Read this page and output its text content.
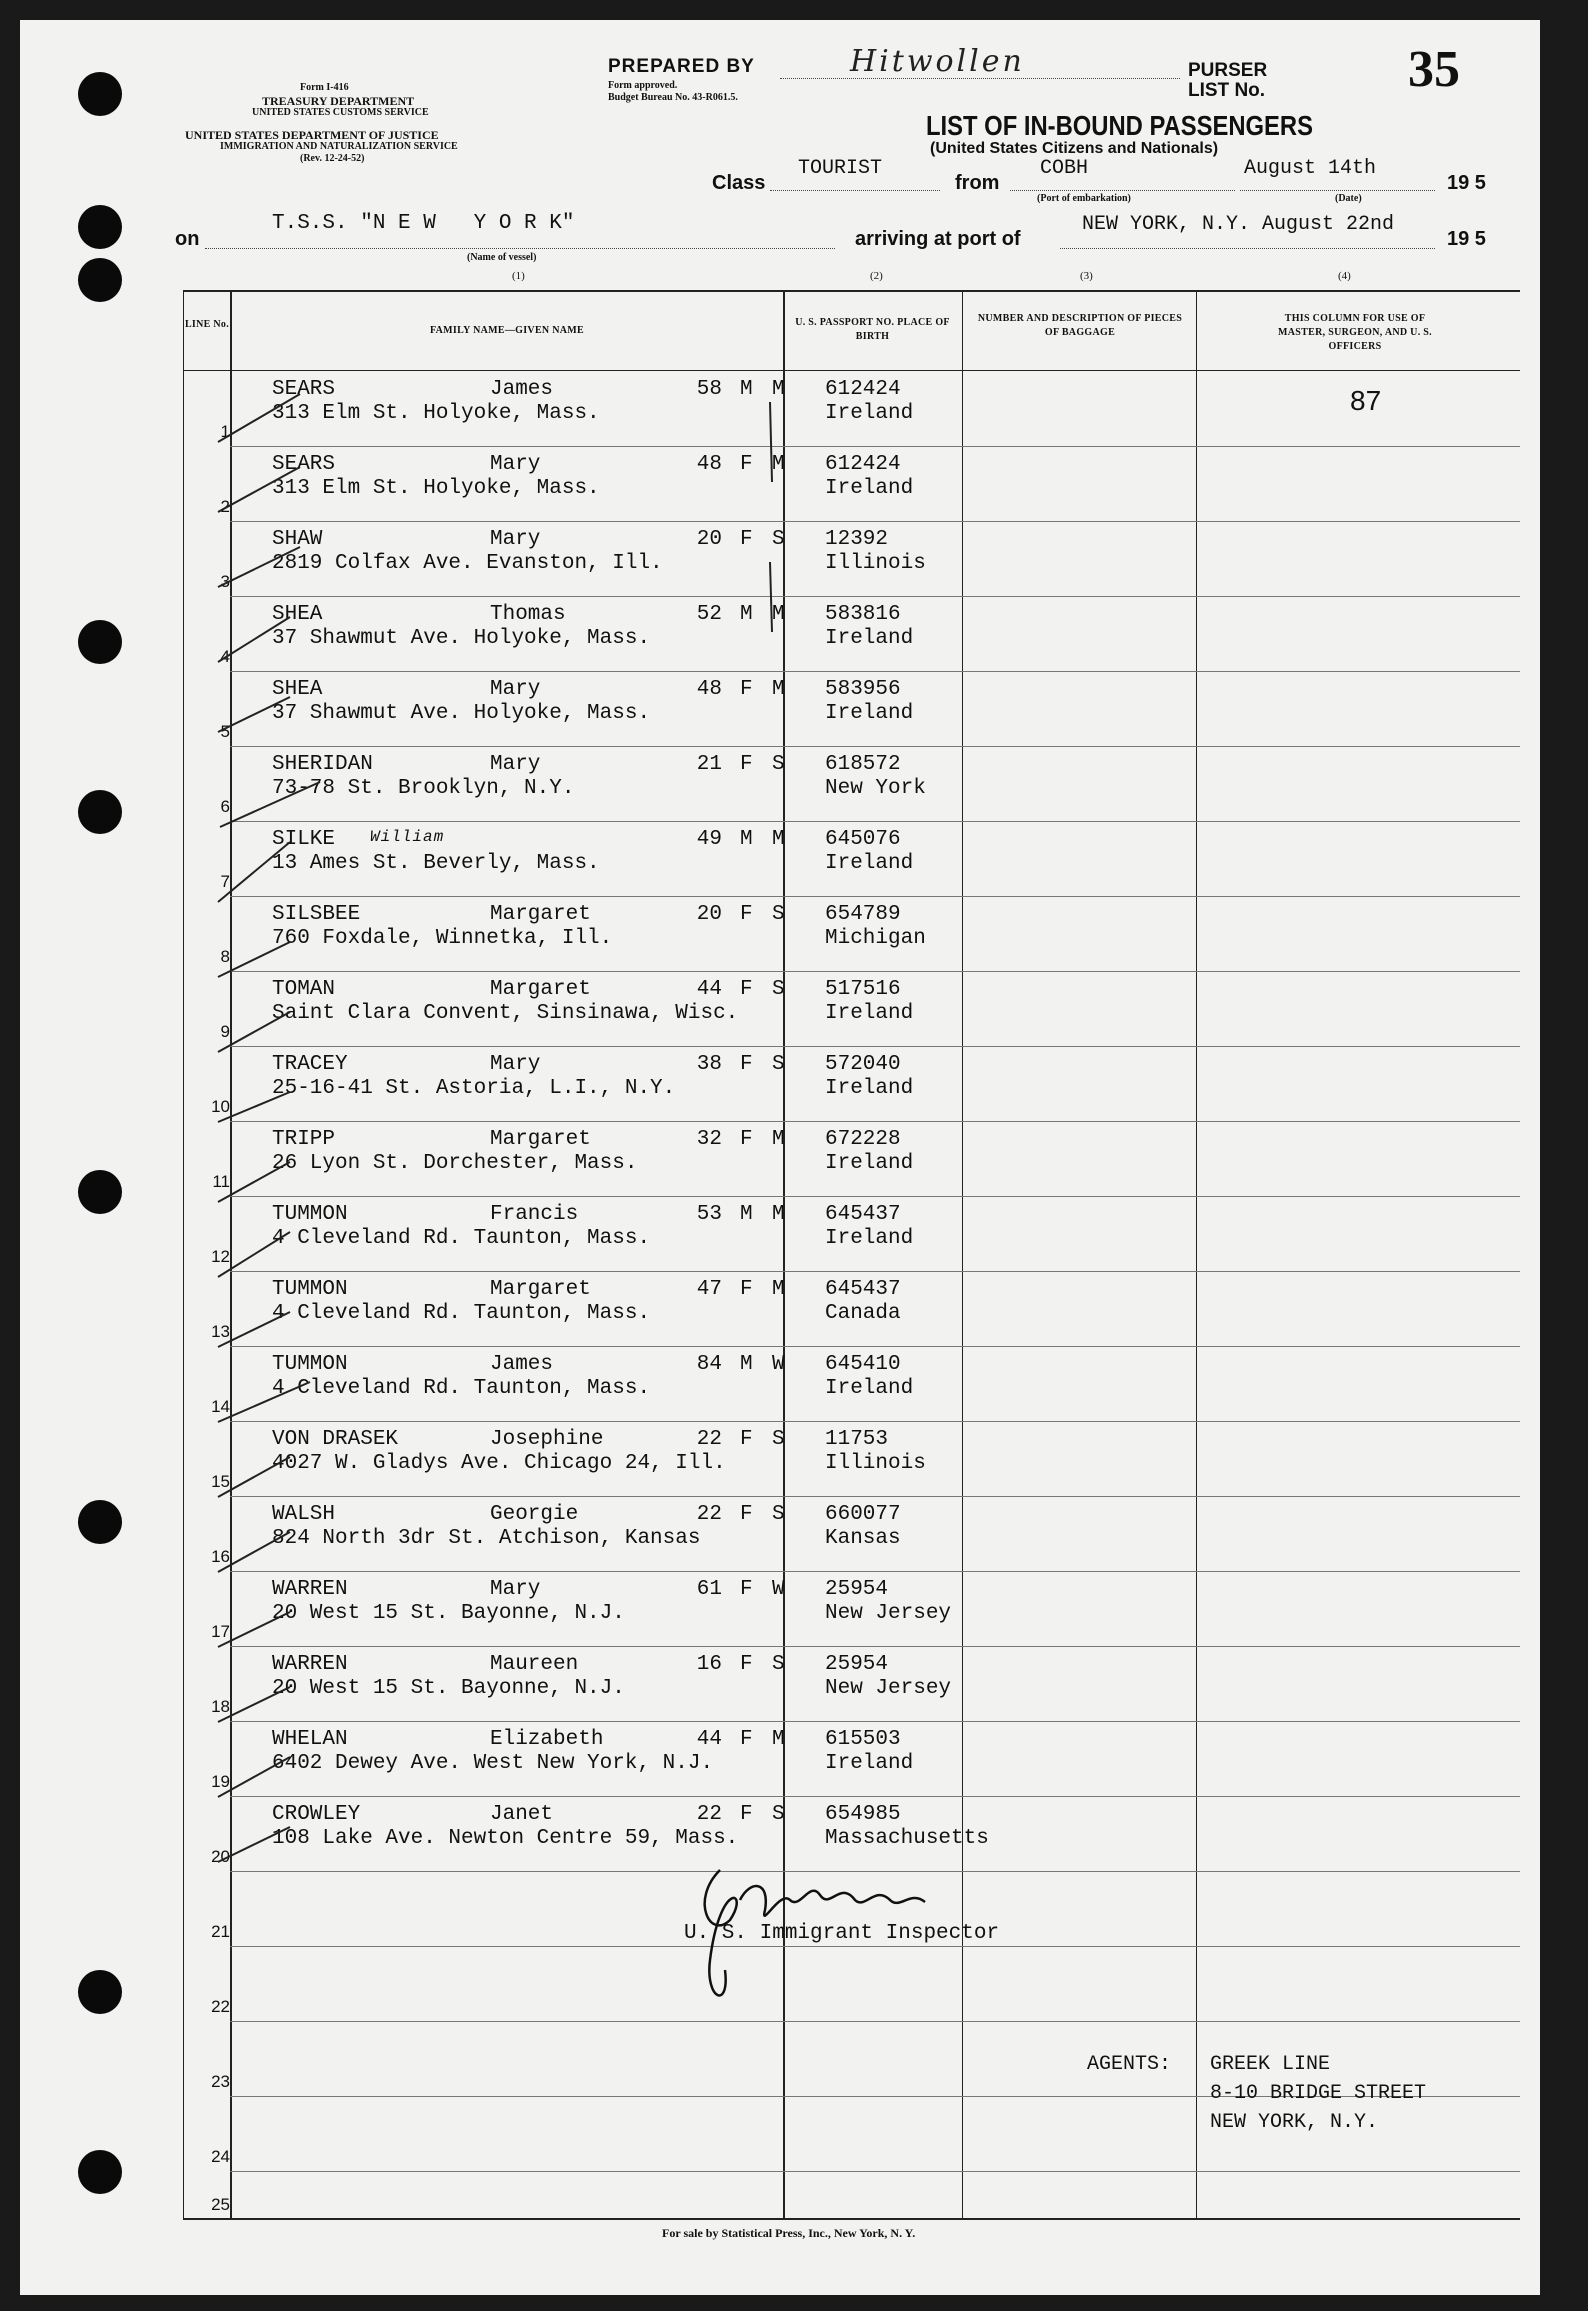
Form I-416
TREASURY DEPARTMENT
UNITED STATES CUSTOMS SERVICE
UNITED STATES DEPARTMENT OF JUSTICE
IMMIGRATION AND NATURALIZATION SERVICE
(Rev. 12-24-52)
PREPARED BY	Hitwollen
Form approved.
Budget Bureau No. 43-R061.5.
PURSER
LIST No.	35
LIST OF IN-BOUND PASSENGERS
(United States Citizens and Nationals)
Class
TOURIST
from
COBH
(Port of embarkation)
August 14th
(Date)
19 5
on
T.S.S. "N E W   Y O R K"
(Name of vessel)
arriving at port of
NEW YORK, N.Y. August 22nd
19 5
(1)	(2)	(3)	(4)
LINE No.
FAMILY NAME—GIVEN NAME
U. S. PASSPORT NO. PLACE OF BIRTH
NUMBER AND DESCRIPTION OF PIECES OF BAGGAGE
THIS COLUMN FOR USE OF MASTER, SURGEON, AND U. S. OFFICERS
87
1
SEARS	James	58 M M
313 Elm St. Holyoke, Mass.
612424
Ireland
2
SEARS	Mary	48 F M
313 Elm St. Holyoke, Mass.
612424
Ireland
3
SHAW	Mary	20 F S
2819 Colfax Ave. Evanston, Ill.
12392
Illinois
4
SHEA	Thomas	52 M M
37 Shawmut Ave. Holyoke, Mass.
583816
Ireland
5
SHEA	Mary	48 F M
37 Shawmut Ave. Holyoke, Mass.
583956
Ireland
6
SHERIDAN	Mary	21 F S
73-78 St. Brooklyn, N.Y.
618572
New York
7
SILKE William	49 M M
13 Ames St. Beverly, Mass.
645076
Ireland
8
SILSBEE	Margaret	20 F S
760 Foxdale, Winnetka, Ill.
654789
Michigan
9
TOMAN	Margaret	44 F S
Saint Clara Convent, Sinsinawa, Wisc.
517516
Ireland
10
TRACEY	Mary	38 F S
25-16-41 St. Astoria, L.I., N.Y.
572040
Ireland
11
TRIPP	Margaret	32 F M
26 Lyon St. Dorchester, Mass.
672228
Ireland
12
TUMMON	Francis	53 M M
4 Cleveland Rd. Taunton, Mass.
645437
Ireland
13
TUMMON	Margaret	47 F M
4 Cleveland Rd. Taunton, Mass.
645437
Canada
14
TUMMON	James	84 M W
4 Cleveland Rd. Taunton, Mass.
645410
Ireland
15
VON DRASEK	Josephine	22 F S
4027 W. Gladys Ave. Chicago 24, Ill.
11753
Illinois
16
WALSH	Georgie	22 F S
824 North 3dr St. Atchison, Kansas
660077
Kansas
17
WARREN	Mary	61 F W
20 West 15 St. Bayonne, N.J.
25954
New Jersey
18
WARREN	Maureen	16 F S
20 West 15 St. Bayonne, N.J.
25954
New Jersey
19
WHELAN	Elizabeth	44 F M
6402 Dewey Ave. West New York, N.J.
615503
Ireland
20
CROWLEY	Janet	22 F S
108 Lake Ave. Newton Centre 59, Mass.
654985
Massachusetts
21
22
23
24
25
U. S. Immigrant Inspector
AGENTS: GREEK LINE
8-10 BRIDGE STREET
NEW YORK, N.Y.
For sale by Statistical Press, Inc., New York, N. Y.
